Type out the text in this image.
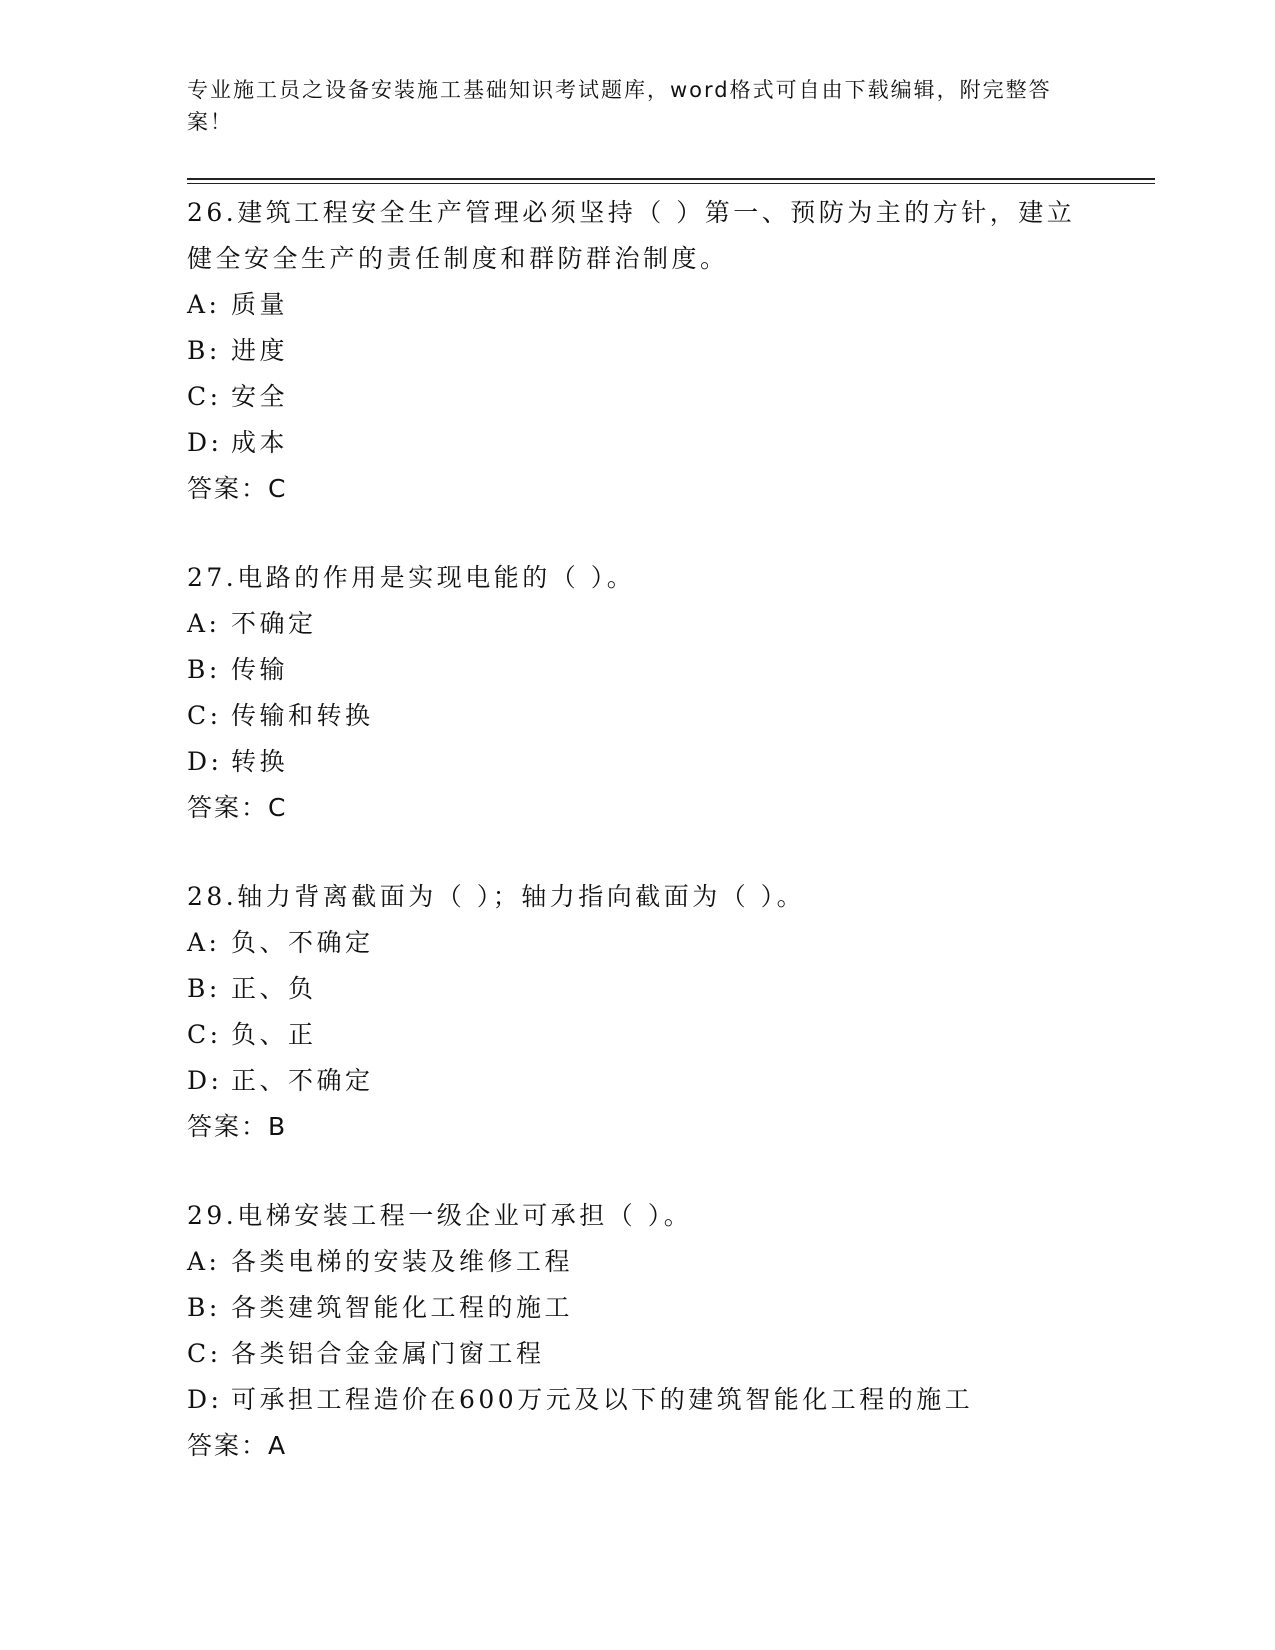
专业施工员之设备安装施工基础知识考试题库，word格式可自由下载编辑，附完整答案！

26.建筑工程安全生产管理必须坚持（ ）第一、预防为主的方针，建立健全安全生产的责任制度和群防群治制度。

A: 质量

B: 进度

C: 安全

D: 成本

答案：C

27.电路的作用是实现电能的（ ）。

A: 不确定

B: 传输

C: 传输和转换

D: 转换

答案：C

28.轴力背离截面为（ ）；轴力指向截面为（ ）。

A: 负、不确定

B: 正、负

C: 负、正

D: 正、不确定

答案：B

29.电梯安装工程一级企业可承担（ ）。

A: 各类电梯的安装及维修工程

B: 各类建筑智能化工程的施工

C: 各类铝合金金属门窗工程

D: 可承担工程造价在600万元及以下的建筑智能化工程的施工

答案：A
